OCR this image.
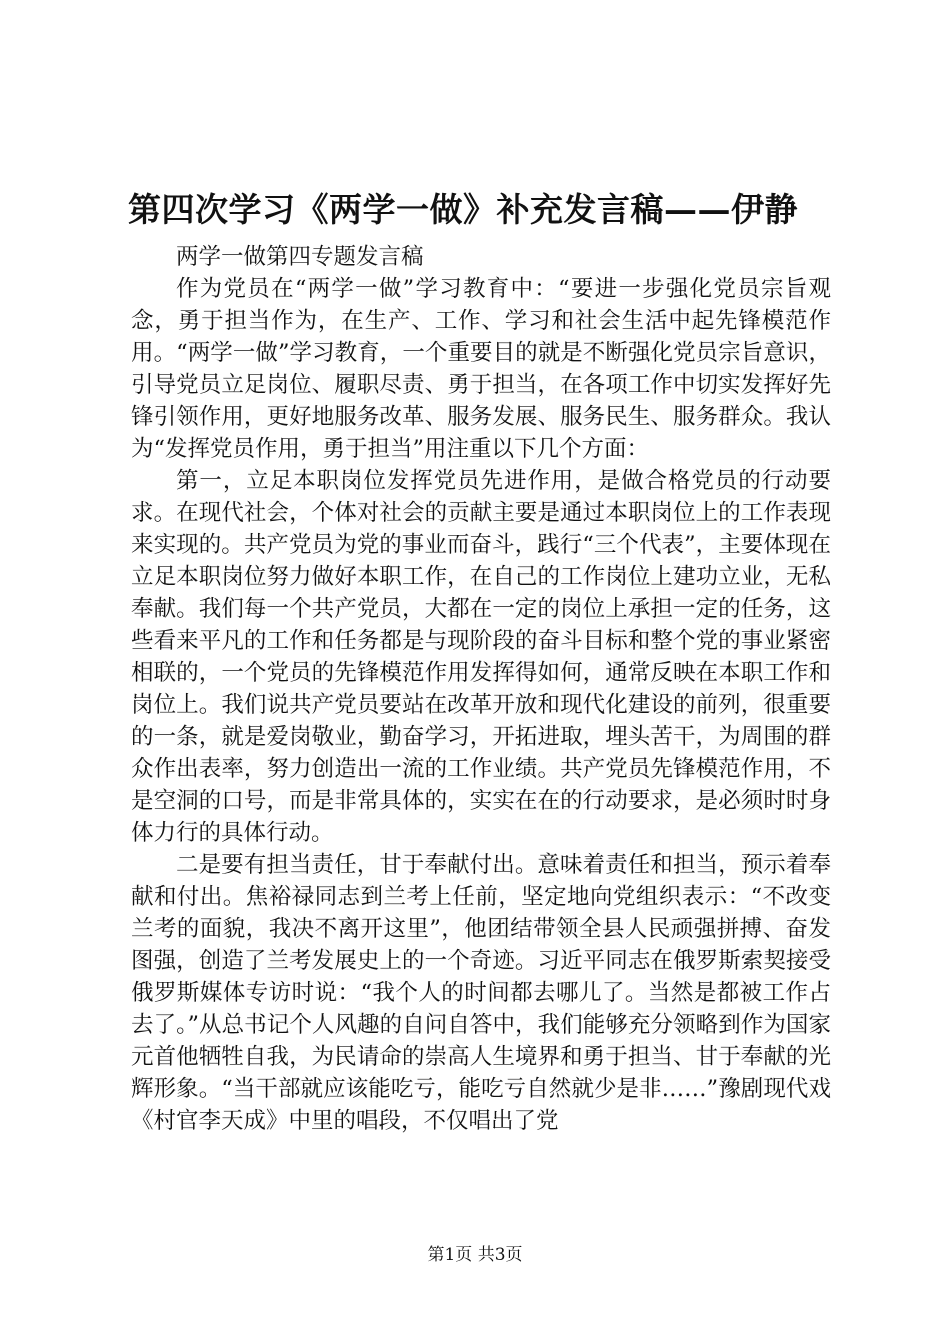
第四次学习《两学一做》补充发言稿——伊静

两学一做第四专题发言稿

作为党员在“两学一做”学习教育中：“要进一步强化党员宗旨观念，勇于担当作为，在生产、工作、学习和社会生活中起先锋模范作用。“两学一做”学习教育，一个重要目的就是不断强化党员宗旨意识，引导党员立足岗位、履职尽责、勇于担当，在各项工作中切实发挥好先锋引领作用，更好地服务改革、服务发展、服务民生、服务群众。我认为“发挥党员作用，勇于担当”用注重以下几个方面：

第一，立足本职岗位发挥党员先进作用，是做合格党员的行动要求。在现代社会，个体对社会的贡献主要是通过本职岗位上的工作表现来实现的。共产党员为党的事业而奋斗，践行“三个代表”，主要体现在立足本职岗位努力做好本职工作，在自己的工作岗位上建功立业，无私奉献。我们每一个共产党员，大都在一定的岗位上承担一定的任务，这些看来平凡的工作和任务都是与现阶段的奋斗目标和整个党的事业紧密相联的，一个党员的先锋模范作用发挥得如何，通常反映在本职工作和岗位上。我们说共产党员要站在改革开放和现代化建设的前列，很重要的一条，就是爱岗敬业，勤奋学习，开拓进取，埋头苦干，为周围的群众作出表率，努力创造出一流的工作业绩。共产党员先锋模范作用，不是空洞的口号，而是非常具体的，实实在在的行动要求，是必须时时身体力行的具体行动。

二是要有担当责任，甘于奉献付出。意味着责任和担当，预示着奉献和付出。焦裕禄同志到兰考上任前，坚定地向党组织表示：“不改变兰考的面貌，我决不离开这里”，他团结带领全县人民顽强拼搏、奋发图强，创造了兰考发展史上的一个奇迹。习近平同志在俄罗斯索契接受俄罗斯媒体专访时说：“我个人的时间都去哪儿了。当然是都被工作占去了。”从总书记个人风趣的自问自答中，我们能够充分领略到作为国家元首他牺牲自我，为民请命的崇高人生境界和勇于担当、甘于奉献的光辉形象。“当干部就应该能吃亏，能吃亏自然就少是非……”豫剧现代戏《村官李天成》中里的唱段，不仅唱出了党

第1页 共3页
